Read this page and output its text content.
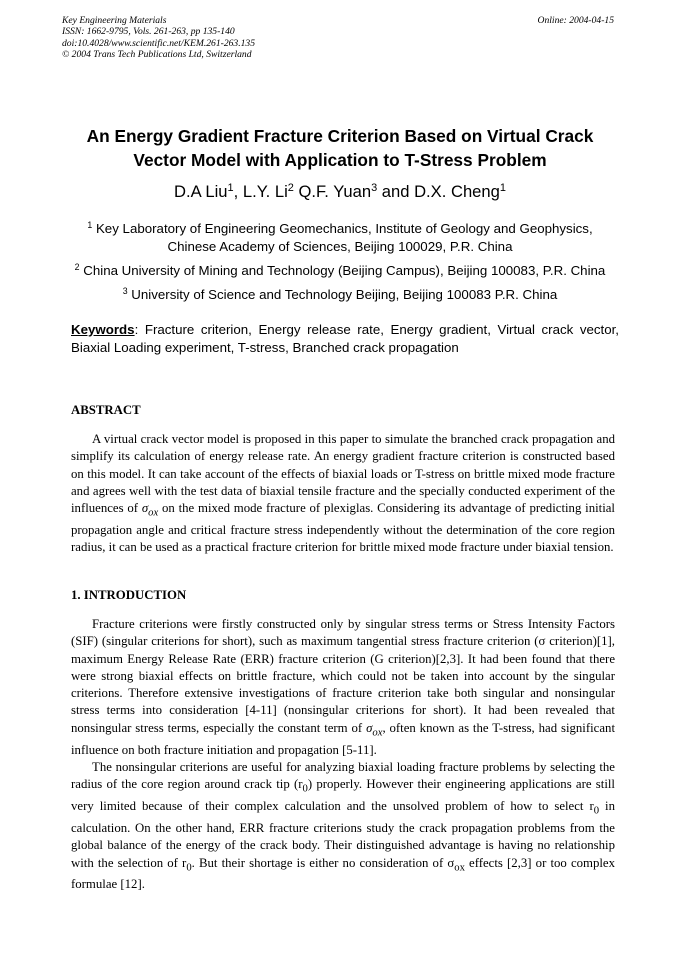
Key Engineering Materials
ISSN: 1662-9795, Vols. 261-263, pp 135-140
doi:10.4028/www.scientific.net/KEM.261-263.135
© 2004 Trans Tech Publications Ltd, Switzerland
Online: 2004-04-15
An Energy Gradient Fracture Criterion Based on Virtual Crack
Vector Model with Application to T-Stress Problem
D.A Liu$^1$, L.Y. Li$^2$ Q.F. Yuan$^3$ and D.X. Cheng$^1$
$^1$ Key Laboratory of Engineering Geomechanics, Institute of Geology and Geophysics,
Chinese Academy of Sciences, Beijing 100029, P.R. China
$^2$ China University of Mining and Technology (Beijing Campus), Beijing 100083, P.R. China
$^3$ University of Science and Technology Beijing, Beijing 100083 P.R. China
Keywords: Fracture criterion, Energy release rate, Energy gradient, Virtual crack vector, Biaxial Loading experiment, T-stress, Branched crack propagation
ABSTRACT

A virtual crack vector model is proposed in this paper to simulate the branched crack propagation and simplify its calculation of energy release rate. An energy gradient fracture criterion is constructed based on this model. It can take account of the effects of biaxial loads or T-stress on brittle mixed mode fracture and agrees well with the test data of biaxial tensile fracture and the specially conducted experiment of the influences of $\sigma_{ox}$ on the mixed mode fracture of plexiglas. Considering its advantage of predicting initial propagation angle and critical fracture stress independently without the determination of the core region radius, it can be used as a practical fracture criterion for brittle mixed mode fracture under biaxial tension.

1. INTRODUCTION

Fracture criterions were firstly constructed only by singular stress terms or Stress Intensity Factors (SIF) (singular criterions for short), such as maximum tangential stress fracture criterion (σ criterion)[1], maximum Energy Release Rate (ERR) fracture criterion (G criterion)[2,3]. It had been found that there were strong biaxial effects on brittle fracture, which could not be taken into account by the singular criterions. Therefore extensive investigations of fracture criterion take both singular and nonsingular stress terms into consideration [4-11] (nonsingular criterions for short). It had been revealed that nonsingular stress terms, especially the constant term of $\sigma_{ox}$, often known as the T-stress, had significant influence on both fracture initiation and propagation [5-11].

The nonsingular criterions are useful for analyzing biaxial loading fracture problems by selecting the radius of the core region around crack tip $(r_0)$ properly. However their engineering applications are still very limited because of their complex calculation and the unsolved problem of how to select $r_0$ in calculation. On the other hand, ERR fracture criterions study the crack propagation problems from the global balance of the energy of the crack body. Their distinguished advantage is having no relationship with the selection of $r_0$. But their shortage is either no consideration of $\sigma_{ox}$ effects [2,3] or too complex formulae [12].
